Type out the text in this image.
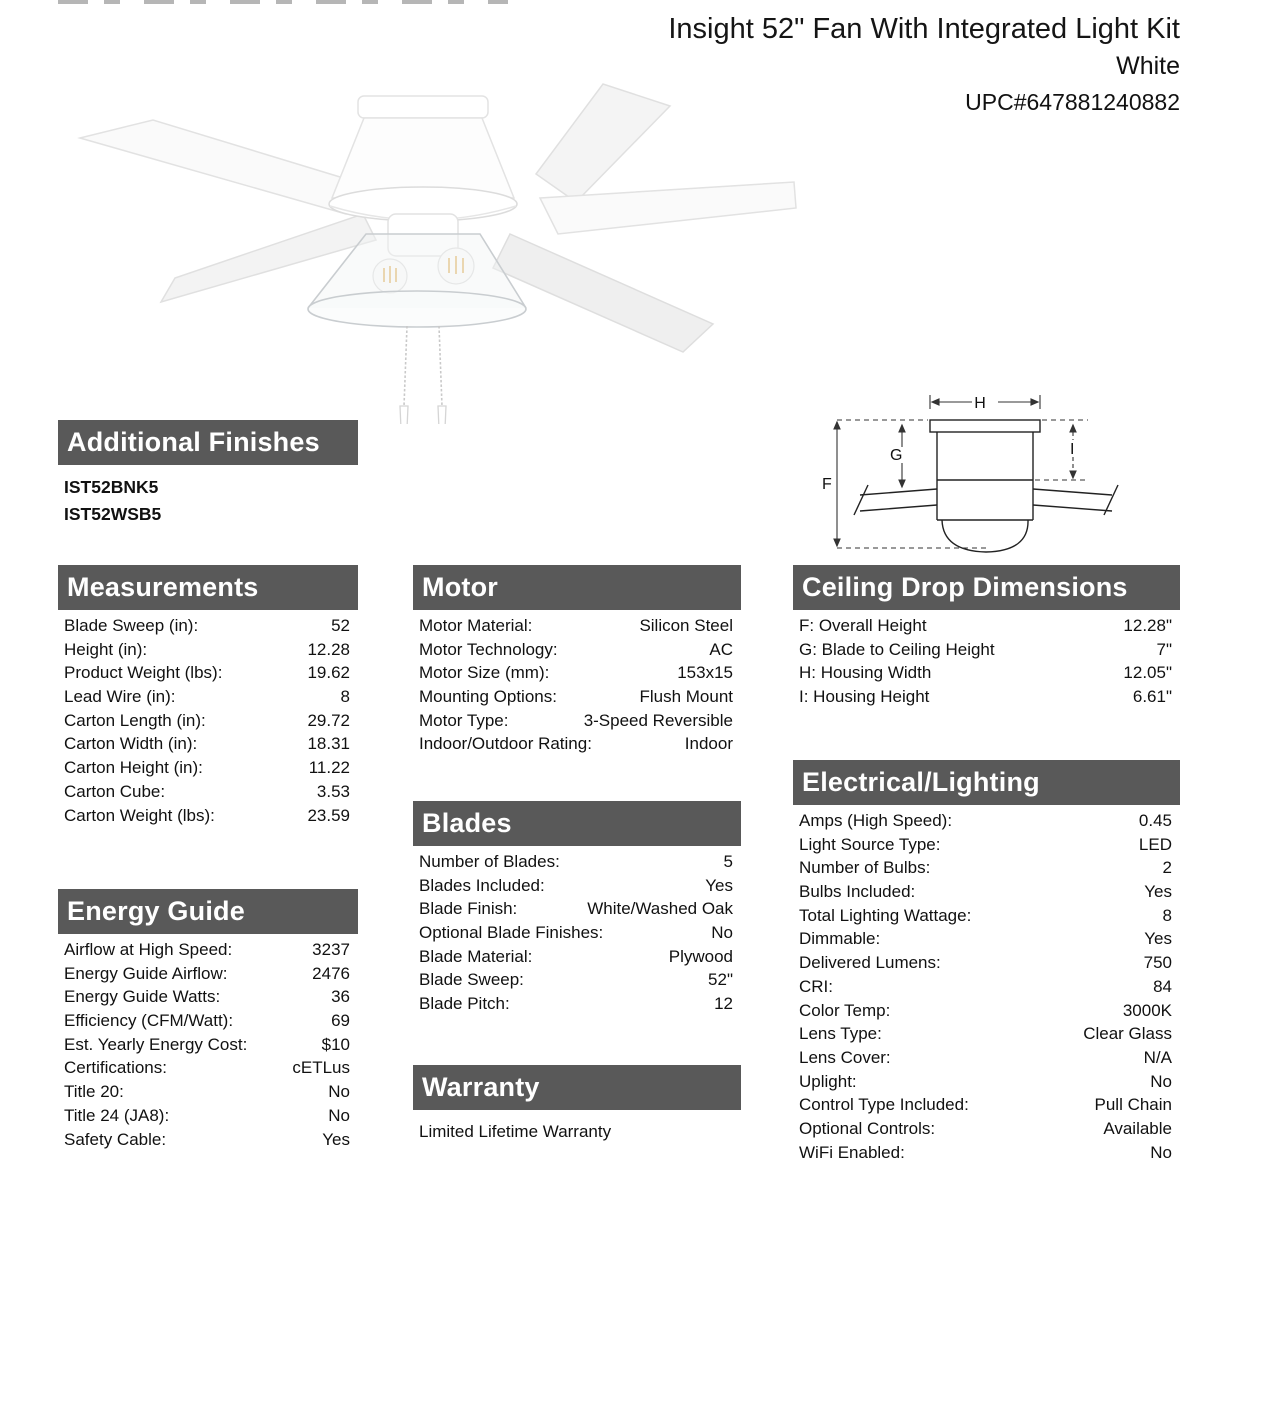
Insight 52" Fan With Integrated Light Kit
White
UPC#647881240882
H
F
G	I
Additional Finishes
IST52BNK5
IST52WSB5
Measurements
Blade Sweep (in):	52
Height (in):	12.28
Product Weight (lbs):	19.62
Lead Wire (in):	8
Carton Length (in):	29.72
Carton Width (in):	18.31
Carton Height (in):	11.22
Carton Cube:	3.53
Carton Weight (lbs):	23.59
Energy Guide
Airflow at High Speed:	3237
Energy Guide Airflow:	2476
Energy Guide Watts:	36
Efficiency (CFM/Watt):	69
Est. Yearly Energy Cost:	$10
Certifications:	cETLus
Title 20:	No
Title 24 (JA8):	No
Safety Cable:	Yes
Motor
Motor Material:	Silicon Steel
Motor Technology:	AC
Motor Size (mm):	153x15
Mounting Options:	Flush Mount
Motor Type:	3-Speed Reversible
Indoor/Outdoor Rating:	Indoor
Blades
Number of Blades:	5
Blades Included:	Yes
Blade Finish:	White/Washed Oak
Optional Blade Finishes:	No
Blade Material:	Plywood
Blade Sweep:	52"
Blade Pitch:	12
Warranty
Limited Lifetime Warranty
Ceiling Drop Dimensions
F: Overall Height	12.28"
G: Blade to Ceiling Height	7"
H: Housing Width	12.05"
I: Housing Height	6.61"
Electrical/Lighting
Amps (High Speed):	0.45
Light Source Type:	LED
Number of Bulbs:	2
Bulbs Included:	Yes
Total Lighting Wattage:	8
Dimmable:	Yes
Delivered Lumens:	750
CRI:	84
Color Temp:	3000K
Lens Type:	Clear Glass
Lens Cover:	N/A
Uplight:	No
Control Type Included:	Pull Chain
Optional Controls:	Available
WiFi Enabled:	No
